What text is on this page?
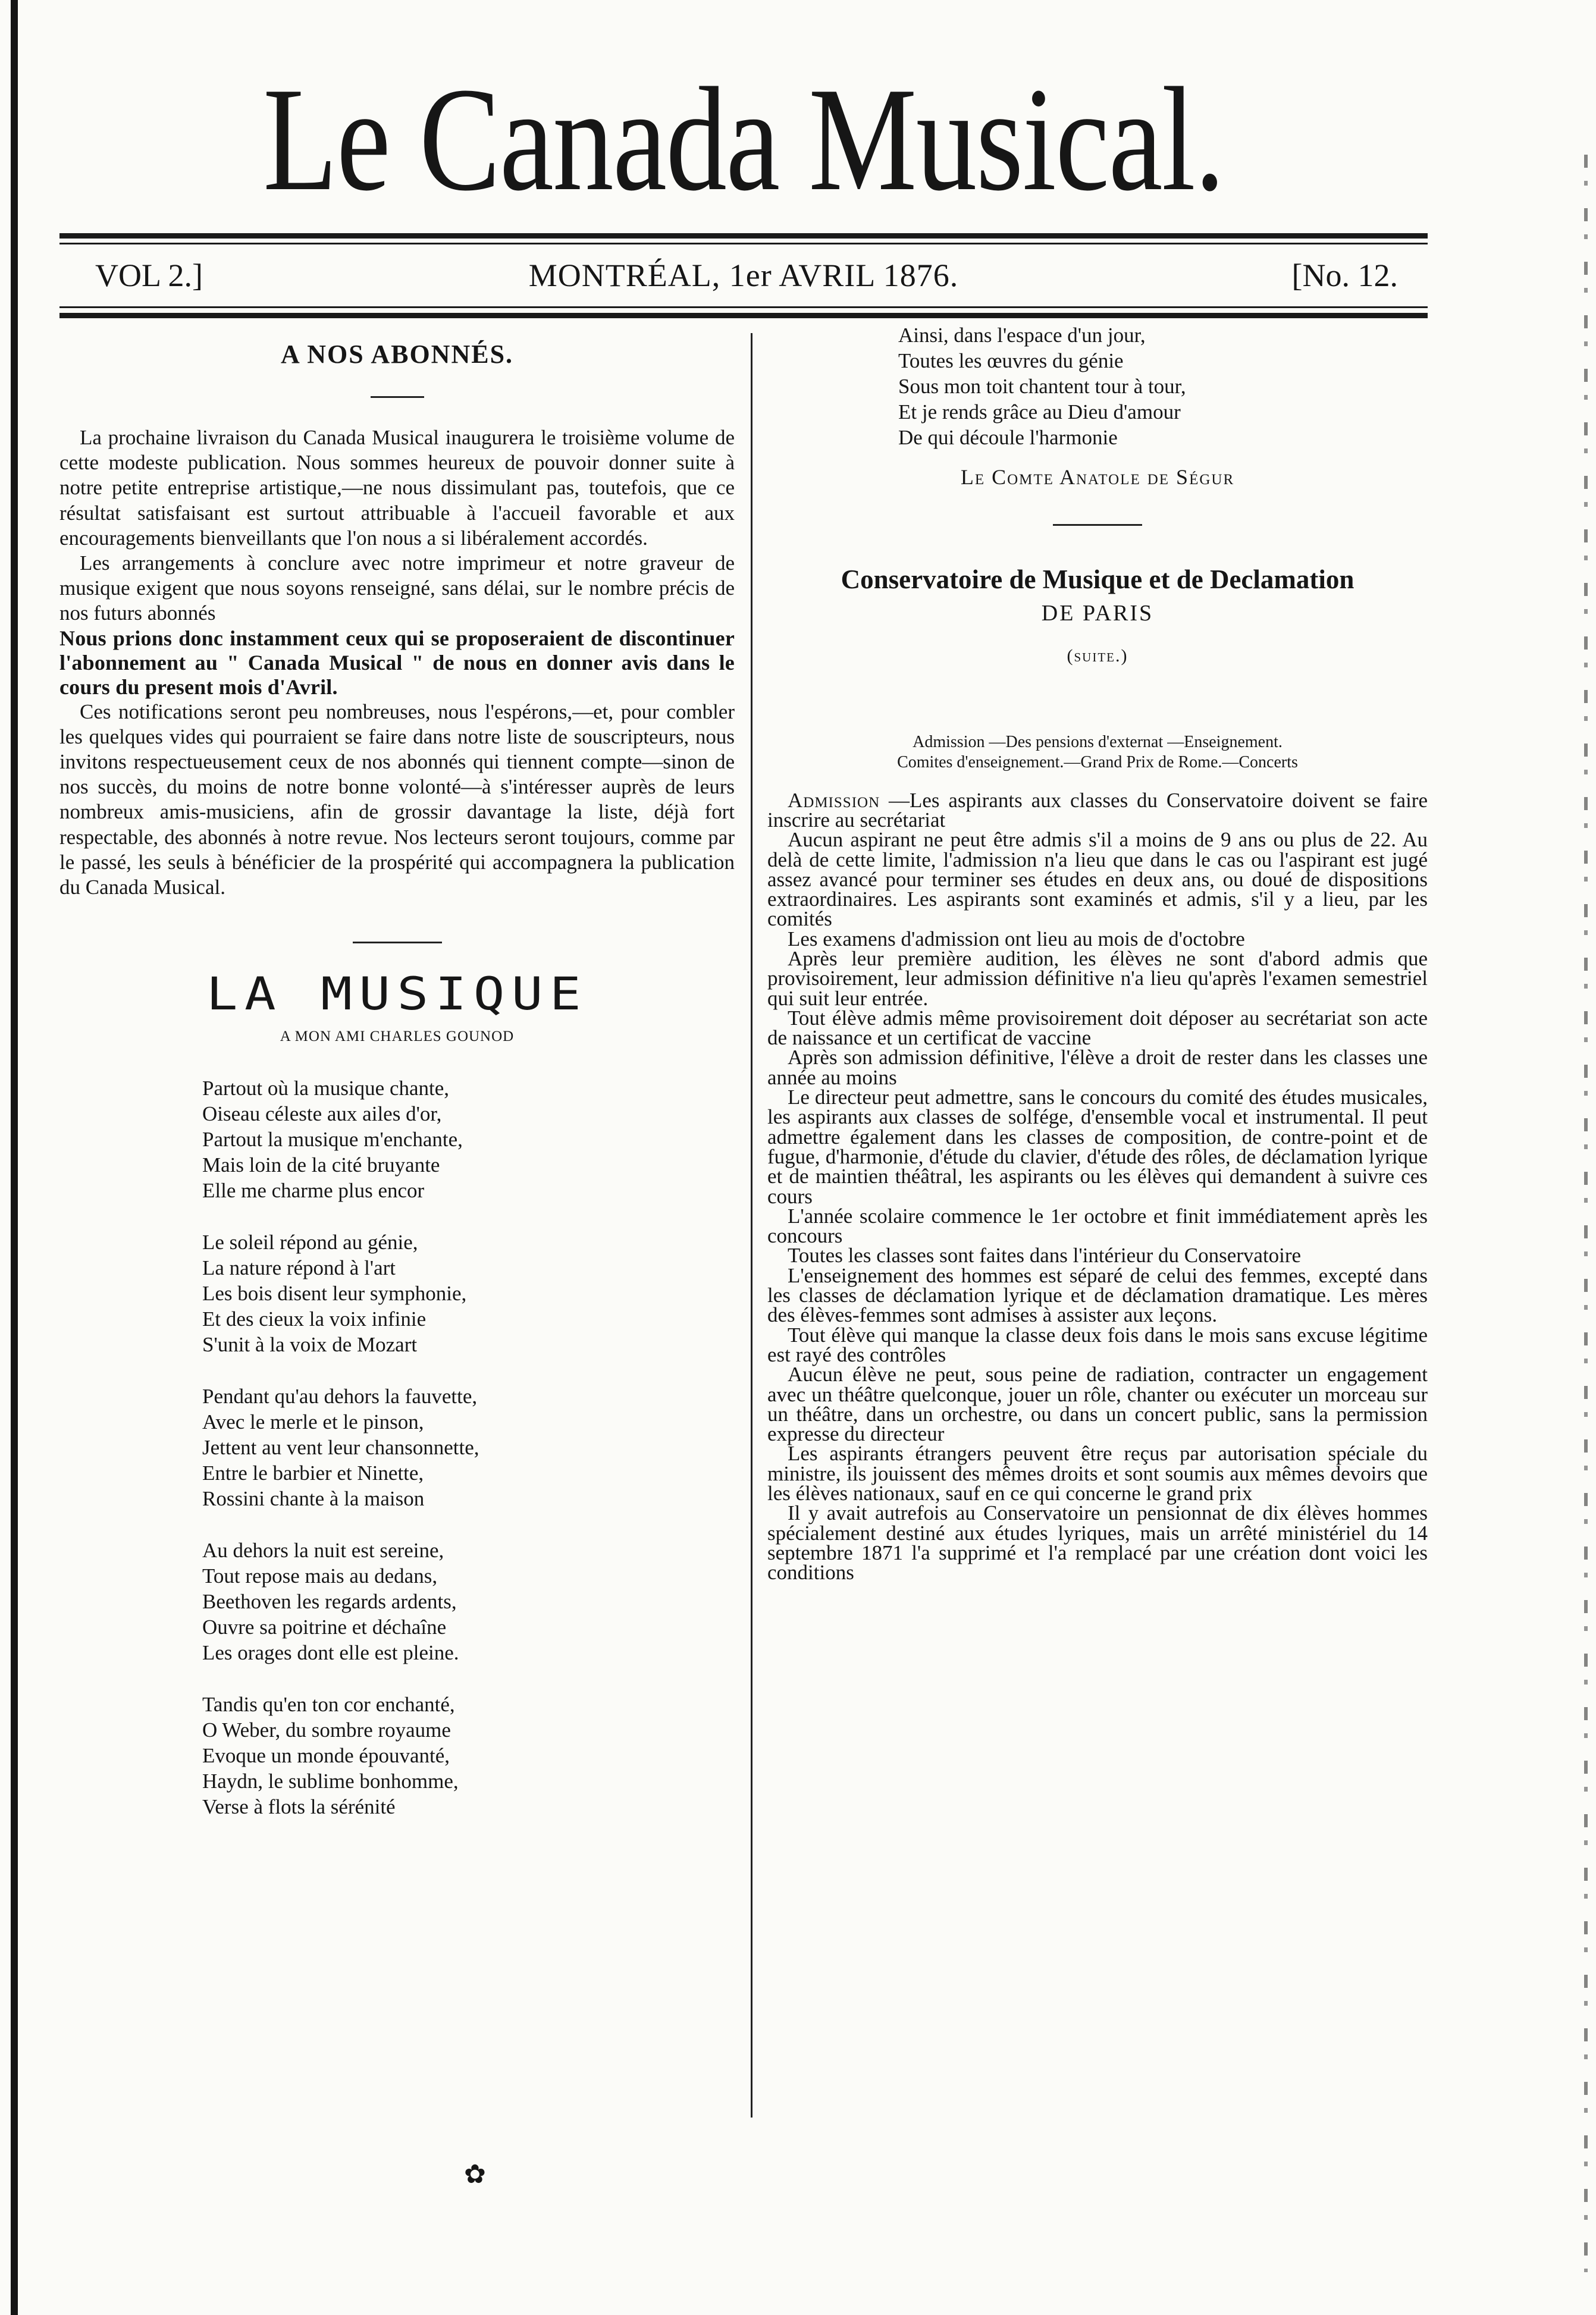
Le Canada Musical.
VOL 2.]	MONTRÉAL, 1er AVRIL 1876.	[No. 12.
A NOS ABONNÉS.

La prochaine livraison du Canada Musical inaugurera le troisième volume de cette modeste publication. Nous sommes heureux de pouvoir donner suite à notre petite entreprise artistique,—ne nous dissimulant pas, toutefois, que ce résultat satisfaisant est surtout attribuable à l'accueil favorable et aux encouragements bienveillants que l'on nous a si libéralement accordés.

Les arrangements à conclure avec notre imprimeur et notre graveur de musique exigent que nous soyons renseigné, sans délai, sur le nombre précis de nos futurs abonnés

Nous prions donc instamment ceux qui se proposeraient de discontinuer l'abonnement au " Canada Musical " de nous en donner avis dans le cours du present mois d'Avril.

Ces notifications seront peu nombreuses, nous l'espérons,—et, pour combler les quelques vides qui pourraient se faire dans notre liste de souscripteurs, nous invitons respectueusement ceux de nos abonnés qui tiennent compte—sinon de nos succès, du moins de notre bonne volonté—à s'intéresser auprès de leurs nombreux amis-musiciens, afin de grossir davantage la liste, déjà fort respectable, des abonnés à notre revue. Nos lecteurs seront toujours, comme par le passé, les seuls à bénéficier de la prospérité qui accompagnera la publication du Canada Musical.

LA MUSIQUE
A MON AMI CHARLES GOUNOD
Partout où la musique chante,
Oiseau céleste aux ailes d'or,
Partout la musique m'enchante,
Mais loin de la cité bruyante
Elle me charme plus encor
Le soleil répond au génie,
La nature répond à l'art
Les bois disent leur symphonie,
Et des cieux la voix infinie
S'unit à la voix de Mozart
Pendant qu'au dehors la fauvette,
Avec le merle et le pinson,
Jettent au vent leur chansonnette,
Entre le barbier et Ninette,
Rossini chante à la maison
Au dehors la nuit est sereine,
Tout repose mais au dedans,
Beethoven les regards ardents,
Ouvre sa poitrine et déchaîne
Les orages dont elle est pleine.
Tandis qu'en ton cor enchanté,
O Weber, du sombre royaume
Evoque un monde épouvanté,
Haydn, le sublime bonhomme,
Verse à flots la sérénité
Ainsi, dans l'espace d'un jour,
Toutes les œuvres du génie
Sous mon toit chantent tour à tour,
Et je rends grâce au Dieu d'amour
De qui découle l'harmonie
Le Comte Anatole de Ségur
Conservatoire de Musique et de Declamation
DE PARIS
(suite.)
Admission —Des pensions d'externat —Enseignement.
Comites d'enseignement.—Grand Prix de Rome.—Concerts

Admission —Les aspirants aux classes du Conservatoire doivent se faire inscrire au secrétariat

Aucun aspirant ne peut être admis s'il a moins de 9 ans ou plus de 22. Au delà de cette limite, l'admission n'a lieu que dans le cas ou l'aspirant est jugé assez avancé pour terminer ses études en deux ans, ou doué de dispositions extraordinaires. Les aspirants sont examinés et admis, s'il y a lieu, par les comités

Les examens d'admission ont lieu au mois de d'octobre

Après leur première audition, les élèves ne sont d'abord admis que provisoirement, leur admission définitive n'a lieu qu'après l'examen semestriel qui suit leur entrée.

Tout élève admis même provisoirement doit déposer au secrétariat son acte de naissance et un certificat de vaccine

Après son admission définitive, l'élève a droit de rester dans les classes une année au moins

Le directeur peut admettre, sans le concours du comité des études musicales, les aspirants aux classes de solfége, d'ensemble vocal et instrumental. Il peut admettre également dans les classes de composition, de contre-point et de fugue, d'harmonie, d'étude du clavier, d'étude des rôles, de déclamation lyrique et de maintien théâtral, les aspirants ou les élèves qui demandent à suivre ces cours

L'année scolaire commence le 1er octobre et finit immédiatement après les concours

Toutes les classes sont faites dans l'intérieur du Conservatoire

L'enseignement des hommes est séparé de celui des femmes, excepté dans les classes de déclamation lyrique et de déclamation dramatique. Les mères des élèves-femmes sont admises à assister aux leçons.

Tout élève qui manque la classe deux fois dans le mois sans excuse légitime est rayé des contrôles

Aucun élève ne peut, sous peine de radiation, contracter un engagement avec un théâtre quelconque, jouer un rôle, chanter ou exécuter un morceau sur un théâtre, dans un orchestre, ou dans un concert public, sans la permission expresse du directeur

Les aspirants étrangers peuvent être reçus par autorisation spéciale du ministre, ils jouissent des mêmes droits et sont soumis aux mêmes devoirs que les élèves nationaux, sauf en ce qui concerne le grand prix

Il y avait autrefois au Conservatoire un pensionnat de dix élèves hommes spécialement destiné aux études lyriques, mais un arrêté ministériel du 14 septembre 1871 l'a supprimé et l'a remplacé par une création dont voici les conditions

✿
